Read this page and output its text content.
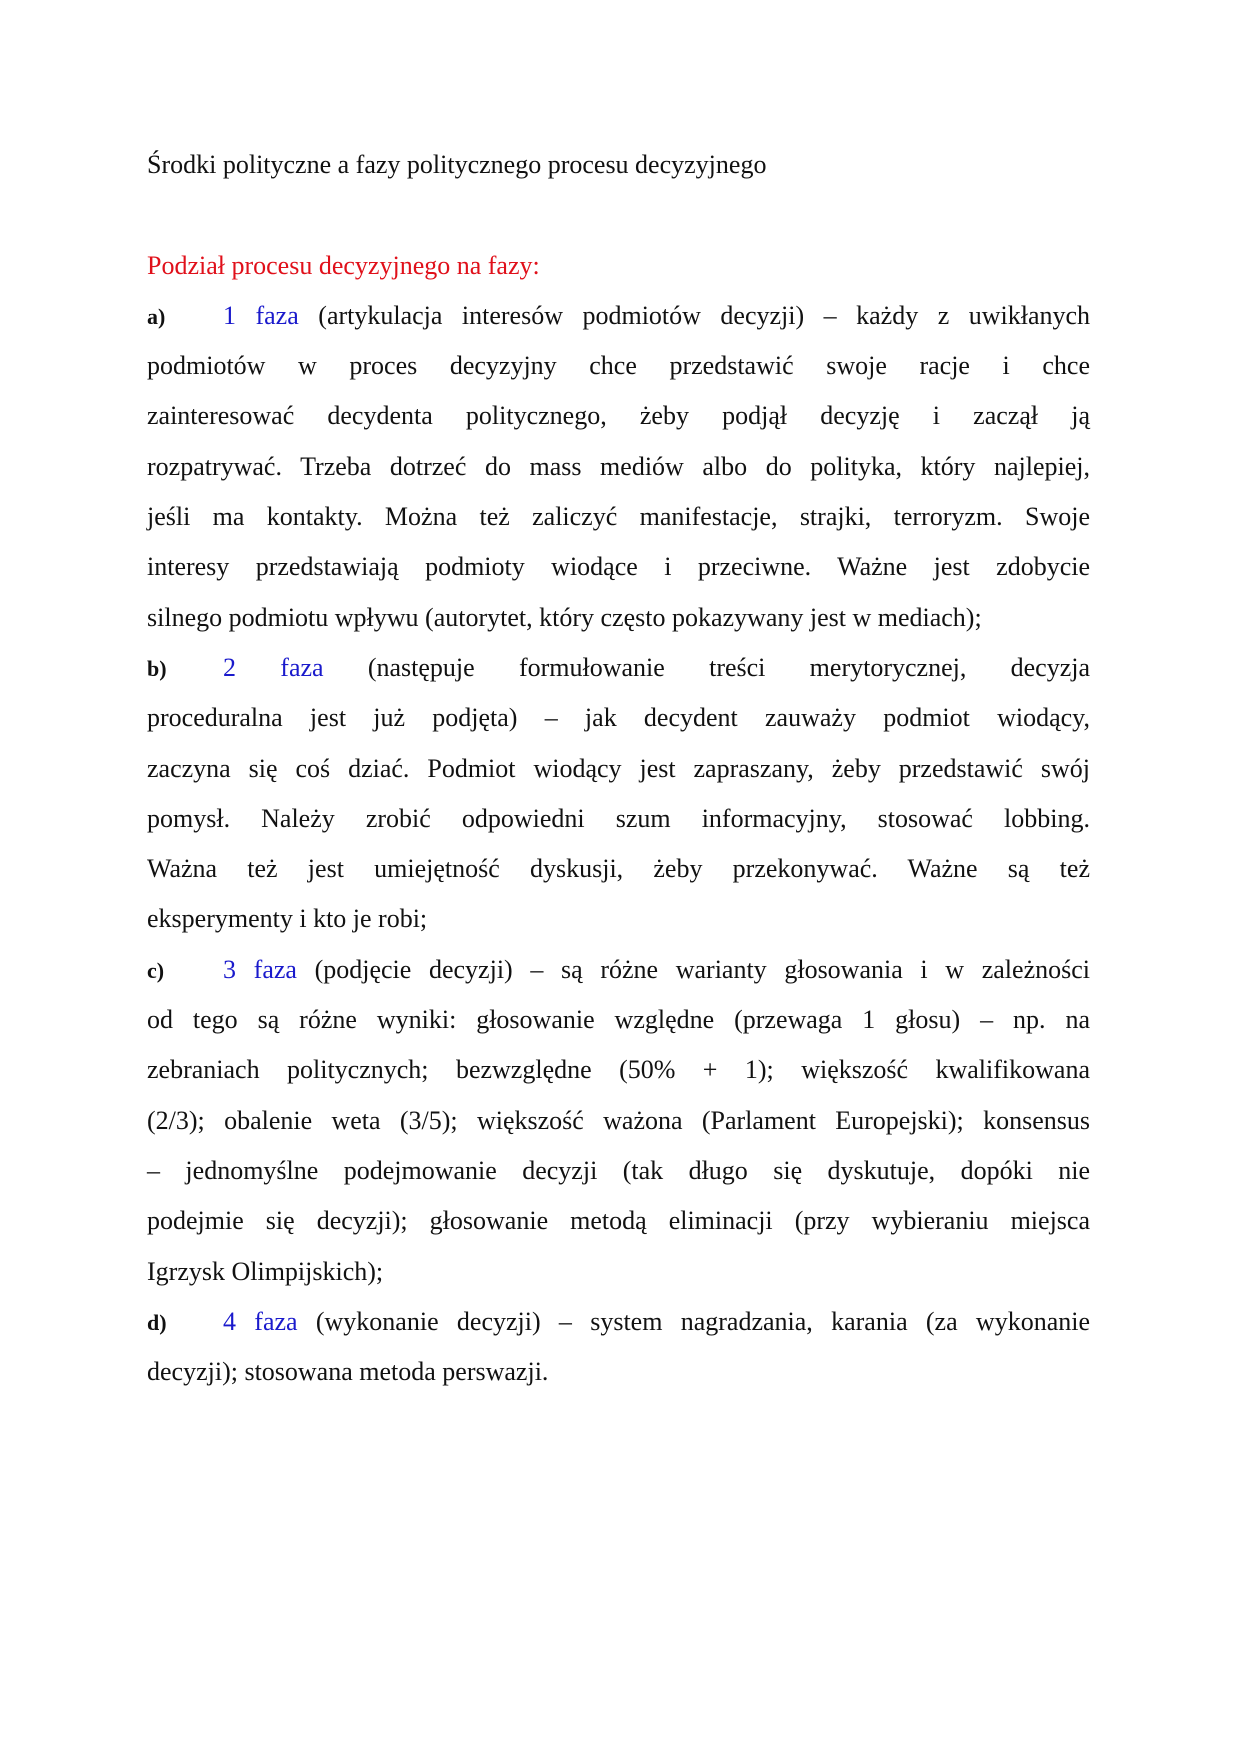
Środki polityczne a fazy politycznego procesu decyzyjnego
Podział procesu decyzyjnego na fazy:
a) 1 faza (artykulacja interesów podmiotów decyzji) – każdy z uwikłanych
podmiotów w proces decyzyjny chce przedstawić swoje racje i chce
zainteresować decydenta politycznego, żeby podjął decyzję i zaczął ją
rozpatrywać. Trzeba dotrzeć do mass mediów albo do polityka, który najlepiej,
jeśli ma kontakty. Można też zaliczyć manifestacje, strajki, terroryzm. Swoje
interesy przedstawiają podmioty wiodące i przeciwne. Ważne jest zdobycie
silnego podmiotu wpływu (autorytet, który często pokazywany jest w mediach);
b) 2 faza (następuje formułowanie treści merytorycznej, decyzja
proceduralna jest już podjęta) – jak decydent zauważy podmiot wiodący,
zaczyna się coś dziać. Podmiot wiodący jest zapraszany, żeby przedstawić swój
pomysł. Należy zrobić odpowiedni szum informacyjny, stosować lobbing.
Ważna też jest umiejętność dyskusji, żeby przekonywać. Ważne są też
eksperymenty i kto je robi;
c) 3 faza (podjęcie decyzji) – są różne warianty głosowania i w zależności
od tego są różne wyniki: głosowanie względne (przewaga 1 głosu) – np. na
zebraniach politycznych; bezwzględne (50% + 1); większość kwalifikowana
(2/3); obalenie weta (3/5); większość ważona (Parlament Europejski); konsensus
– jednomyślne podejmowanie decyzji (tak długo się dyskutuje, dopóki nie
podejmie się decyzji); głosowanie metodą eliminacji (przy wybieraniu miejsca
Igrzysk Olimpijskich);
d) 4 faza (wykonanie decyzji) – system nagradzania, karania (za wykonanie
decyzji); stosowana metoda perswazji.
